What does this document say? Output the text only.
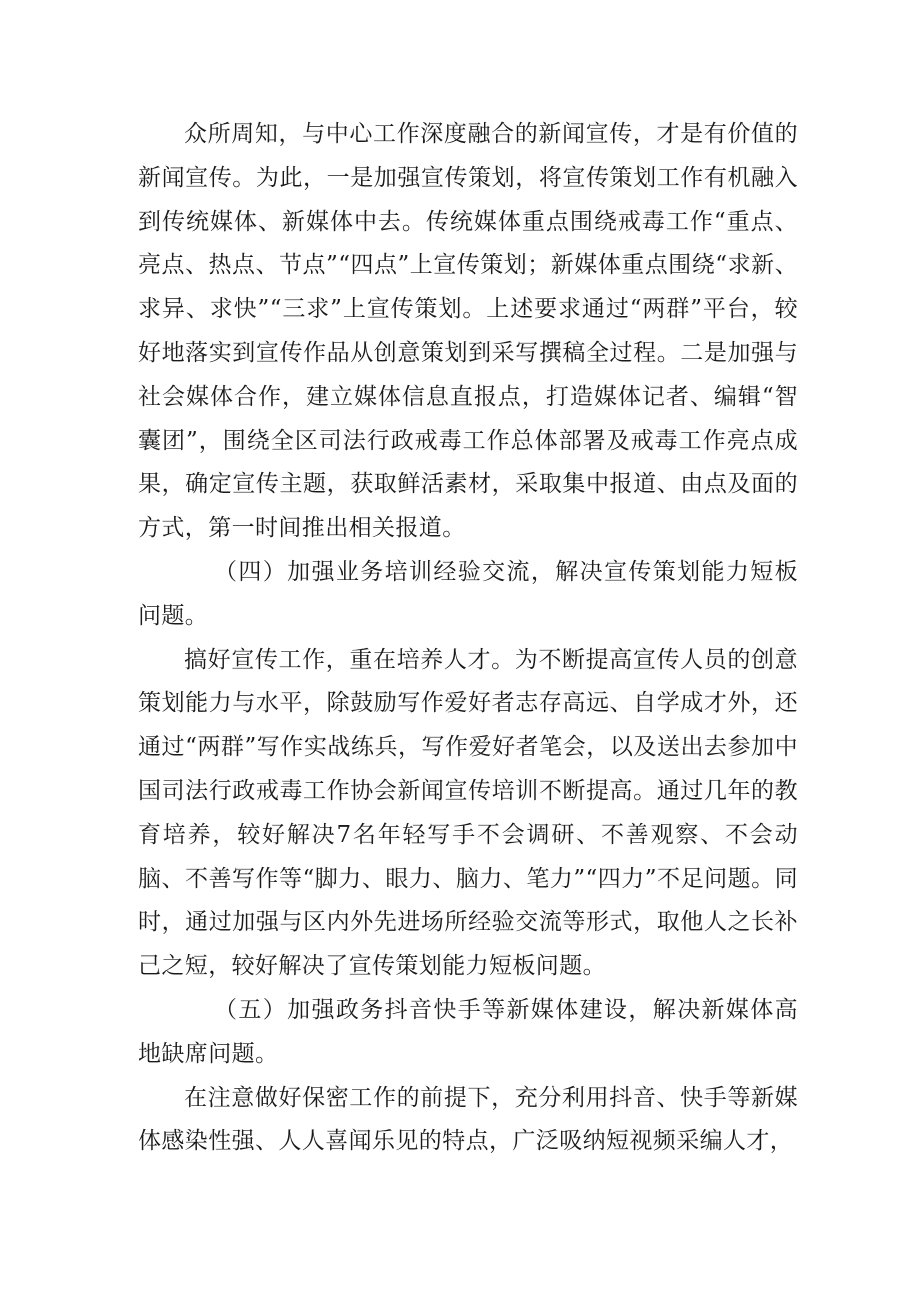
众所周知，与中心工作深度融合的新闻宣传，才是有价值的新闻宣传。为此，一是加强宣传策划，将宣传策划工作有机融入到传统媒体、新媒体中去。传统媒体重点围绕戒毒工作“重点、亮点、热点、节点”“四点”上宣传策划；新媒体重点围绕“求新、求异、求快”“三求”上宣传策划。上述要求通过“两群”平台，较好地落实到宣传作品从创意策划到采写撰稿全过程。二是加强与社会媒体合作，建立媒体信息直报点，打造媒体记者、编辑“智囊团”，围绕全区司法行政戒毒工作总体部署及戒毒工作亮点成果，确定宣传主题，获取鲜活素材，采取集中报道、由点及面的方式，第一时间推出相关报道。

（四）加强业务培训经验交流，解决宣传策划能力短板问题。

搞好宣传工作，重在培养人才。为不断提高宣传人员的创意策划能力与水平，除鼓励写作爱好者志存高远、自学成才外，还通过“两群”写作实战练兵，写作爱好者笔会，以及送出去参加中国司法行政戒毒工作协会新闻宣传培训不断提高。通过几年的教育培养，较好解决7名年轻写手不会调研、不善观察、不会动脑、不善写作等“脚力、眼力、脑力、笔力”“四力”不足问题。同时，通过加强与区内外先进场所经验交流等形式，取他人之长补己之短，较好解决了宣传策划能力短板问题。

（五）加强政务抖音快手等新媒体建设，解决新媒体高地缺席问题。

在注意做好保密工作的前提下，充分利用抖音、快手等新媒体感染性强、人人喜闻乐见的特点，广泛吸纳短视频采编人才，
